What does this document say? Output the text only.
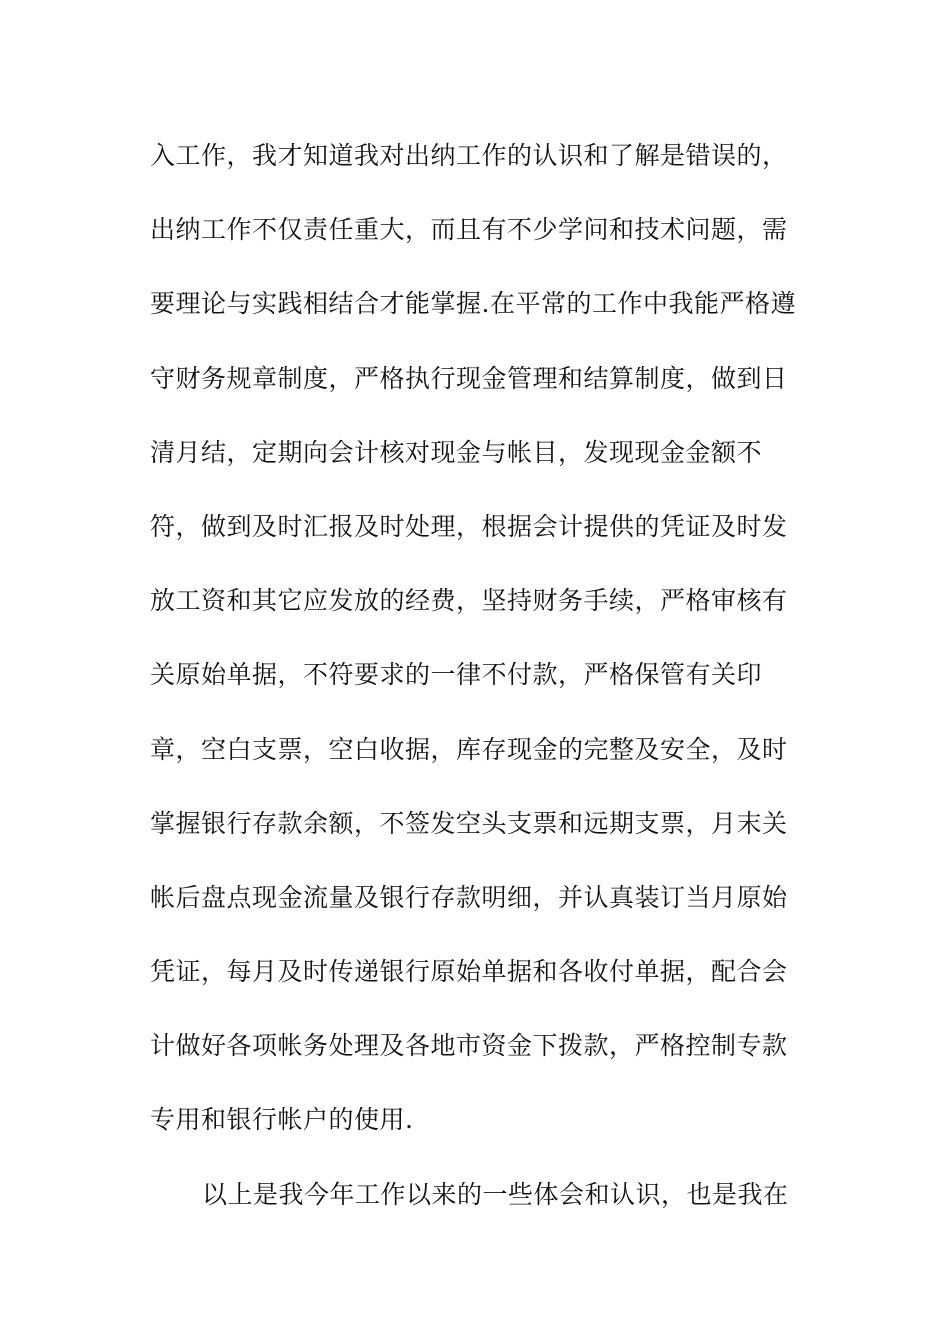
入工作，我才知道我对出纳工作的认识和了解是错误的，
出纳工作不仅责任重大，而且有不少学问和技术问题，需
要理论与实践相结合才能掌握.在平常的工作中我能严格遵
守财务规章制度，严格执行现金管理和结算制度，做到日
清月结，定期向会计核对现金与帐目，发现现金金额不
符，做到及时汇报及时处理，根据会计提供的凭证及时发
放工资和其它应发放的经费，坚持财务手续，严格审核有
关原始单据，不符要求的一律不付款，严格保管有关印
章，空白支票，空白收据，库存现金的完整及安全，及时
掌握银行存款余额，不签发空头支票和远期支票，月末关
帐后盘点现金流量及银行存款明细，并认真装订当月原始
凭证，每月及时传递银行原始单据和各收付单据，配合会
计做好各项帐务处理及各地市资金下拨款，严格控制专款
专用和银行帐户的使用.
以上是我今年工作以来的一些体会和认识，也是我在
